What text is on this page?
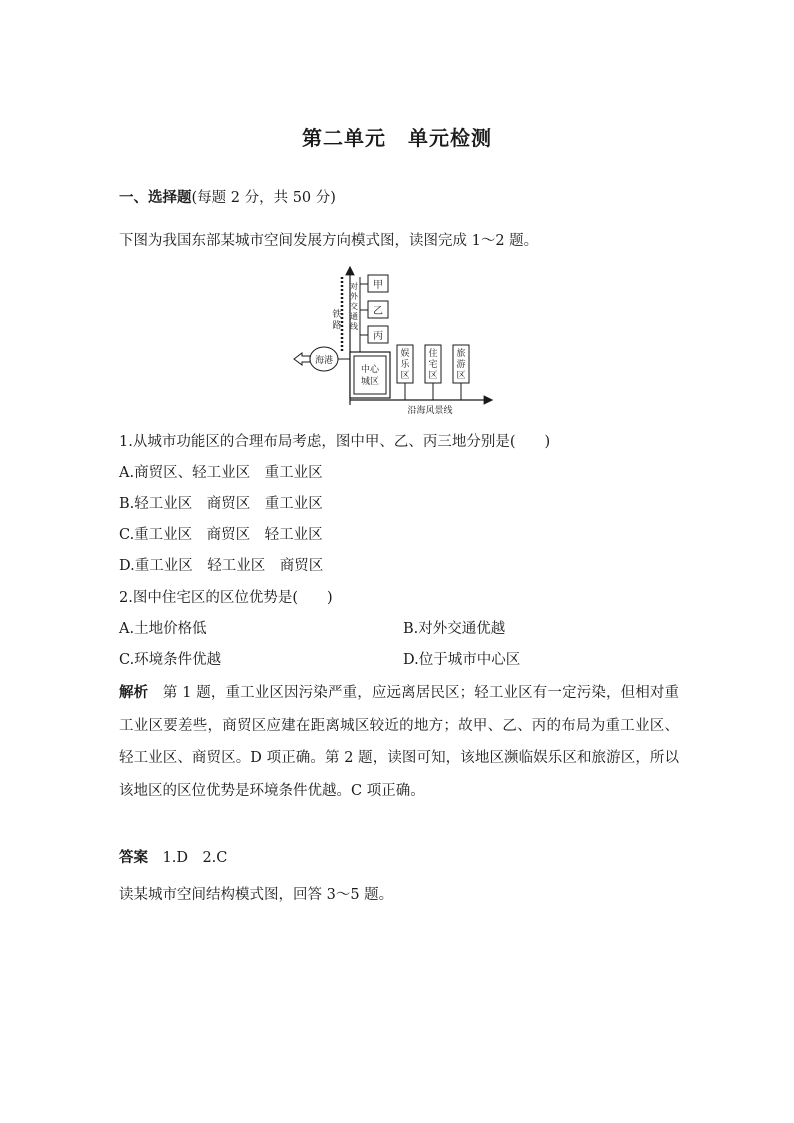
第二单元 单元检测
一、选择题(每题 2 分，共 50 分)
下图为我国东部某城市空间发展方向模式图，读图完成 1～2 题。
铁
路
对
外
交
通
线
甲
乙
丙
海港
中心
城区
娱
乐
区
住
宅
区
旅
游
区
沿海风景线
1.从城市功能区的合理布局考虑，图中甲、乙、丙三地分别是(　　)
A.商贸区、轻工业区　重工业区
B.轻工业区　商贸区　重工业区
C.重工业区　商贸区　轻工业区
D.重工业区　轻工业区　商贸区
2.图中住宅区的区位优势是(　　)
A.土地价格低	B.对外交通优越
C.环境条件优越	D.位于城市中心区
解析　 第 1 题，重工业区因污染严重，应远离居民区；轻工业区有一定污染，但相对重工业区要差些，商贸区应建在距离城区较近的地方；故甲、乙、丙的布局为重工业区、轻工业区、商贸区。D 项正确。第 2 题，读图可知，该地区濒临娱乐区和旅游区，所以该地区的区位优势是环境条件优越。C 项正确。
答案　 1.D　2.C
读某城市空间结构模式图，回答 3～5 题。
